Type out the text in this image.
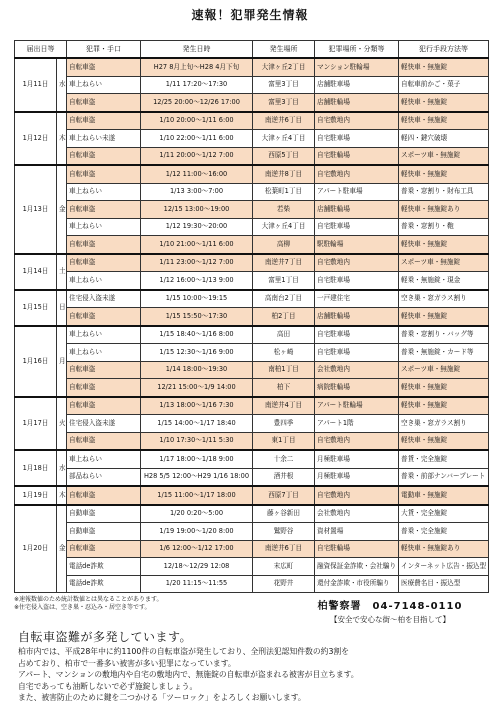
速報！犯罪発生情報
届出日等		犯罪・手口	発生日時	発生場所	犯罪場所・分類等	犯行手段方法等
1月11日	水	自転車盗	H27 8月上旬〜H28 4月下旬	大津ヶ丘2丁目	マンション駐輪場	軽快車・無施錠
		車上ねらい	1/11 17:20〜17:30	富里3丁目	店舗駐車場	自転車前かご・菓子
		自転車盗	12/25 20:00〜12/26 17:00	富里3丁目	店舗駐輪場	軽快車・無施錠
1月12日	木	自転車盗	1/10 20:00〜1/11 6:00	南逆井6丁目	自宅敷地内	軽快車・無施錠
		車上ねらい未遂	1/10 22:00〜1/11 6:00	大津ヶ丘4丁目	自宅駐車場	軽四・鍵穴破壊
		自転車盗	1/11 20:00〜1/12 7:00	西原5丁目	自宅駐輪場	スポーツ車・無施錠
1月13日	金	自転車盗	1/12 11:00〜16:00	南逆井8丁目	自宅敷地内	軽快車・無施錠
		車上ねらい	1/13 3:00〜7:00	松葉町1丁目	アパート駐車場	普乗・窓割り・財布工具
		自転車盗	12/15 13:00〜19:00	若柴	店舗駐輪場	軽快車・無施錠あり
		車上ねらい	1/12 19:30〜20:00	大津ヶ丘4丁目	自宅駐車場	普乗・窓割り・鞄
		自転車盗	1/10 21:00〜1/11 6:00	高柳	駅駐輪場	軽快車・無施錠
1月14日	土	自転車盗	1/11 23:00〜1/12 7:00	南逆井7丁目	自宅敷地内	スポーツ車・無施錠
		車上ねらい	1/12 16:00〜1/13 9:00	富里1丁目	自宅駐車場	軽乗・無施錠・現金
1月15日	日	住宅侵入盗未遂	1/15 10:00〜19:15	高南台2丁目	一戸建住宅	空き巣・窓ガラス割り
		自転車盗	1/15 15:50〜17:30	柏2丁目	店舗駐輪場	軽快車・無施錠
1月16日	月	車上ねらい	1/15 18:40〜1/16 8:00	高田	自宅駐車場	普乗・窓割り・バッグ等
		車上ねらい	1/15 12:30〜1/16 9:00	松ヶ崎	自宅駐車場	普乗・無施錠・カード等
		自転車盗	1/14 18:00〜19:30	南柏1丁目	会社敷地内	スポーツ車・無施錠
		自転車盗	12/21 15:00〜1/9 14:00	柏下	病院駐輪場	軽快車・無施錠
1月17日	火	自転車盗	1/13 18:00〜1/16 7:30	南逆井4丁目	アパート駐輪場	軽快車・無施錠
		住宅侵入盗未遂	1/15 14:00〜1/17 18:40	豊四季	アパート1階	空き巣・窓ガラス割り
		自転車盗	1/10 17:30〜1/11 5:30	東1丁目	自宅敷地内	軽快車・無施錠
1月18日	水	車上ねらい	1/17 18:00〜1/18 9:00	十余二	月極駐車場	普貨・完全施錠
		部品ねらい	H28 5/5 12:00〜H29 1/16 18:00	酒井根	月極駐車場	普乗・前部ナンバープレート
1月19日	木	自転車盗	1/15 11:00〜1/17 18:00	西原7丁目	自宅敷地内	電動車・無施錠
1月20日	金	自動車盗	1/20 0:20〜5:00	藤ヶ谷新田	会社敷地内	大貨・完全施錠
		自動車盗	1/19 19:00〜1/20 8:00	鷲野谷	資材置場	普乗・完全施錠
		自転車盗	1/6 12:00〜1/12 17:00	南逆井6丁目	自宅駐輪場	軽快車・無施錠あり
		電話de詐欺	12/18〜12/29 12:08	末広町	融資保証金詐欺・会社騙り	インターネット広告・振込型
		電話de詐欺	1/20 11:15〜11:55	花野井	還付金詐欺・市役所騙り	医療費名目・振込型
※速報数値のため統計数値とは異なることがあります。
※住宅侵入盗は、空き巣・忍込み・居空き等です。	柏警察署　04-7148-0110
【安全で安心な街〜柏を目指して】
自転車盗難が多発しています。

柏市内では、平成28年中に約1100件の自転車盗が発生しており、全刑法犯認知件数の約3割を

占めており、柏市で一番多い被害が多い犯罪になっています。

アパート、マンションの敷地内や自宅の敷地内で、無施錠の自転車が盗まれる被害が目立ちます。

自宅であっても油断しないで必ず施錠しましょう。

また、被害防止のために鍵を二つかける「ツーロック」をよろしくお願いします。
